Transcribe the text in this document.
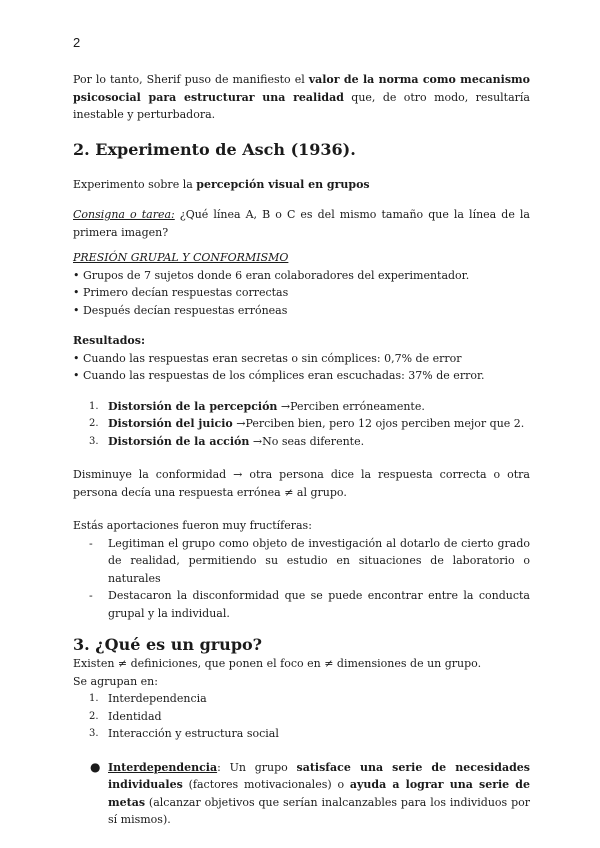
2

Por lo tanto, Sherif puso de manifiesto el valor de la norma como mecanismo psicosocial para estructurar una realidad que, de otro modo, resultaría inestable y perturbadora.

2. Experimento de Asch (1936).

Experimento sobre la percepción visual en grupos

Consigna o tarea: ¿Qué línea A, B o C es del mismo tamaño que la línea de la primera imagen?

PRESIÓN GRUPAL Y CONFORMISMO

• Grupos de 7 sujetos donde 6 eran colaboradores del experimentador.
• Primero decían respuestas correctas
• Después decían respuestas erróneas

Resultados:

• Cuando las respuestas eran secretas o sin cómplices: 0,7% de error
• Cuando las respuestas de los cómplices eran escuchadas: 37% de error.
1. Distorsión de la percepción →Perciben erróneamente.
2. Distorsión del juicio →Perciben bien, pero 12 ojos perciben mejor que 2.
3. Distorsión de la acción →No seas diferente.

Disminuye la conformidad → otra persona dice la respuesta correcta o otra persona decía una respuesta errónea ≠ al grupo.

Estás aportaciones fueron muy fructíferas:

- Legitiman el grupo como objeto de investigación al dotarlo de cierto grado de realidad, permitiendo su estudio en situaciones de laboratorio o naturales
- Destacaron la disconformidad que se puede encontrar entre la conducta grupal y la individual.
3. ¿Qué es un grupo?

Existen ≠ definiciones, que ponen el foco en ≠ dimensiones de un grupo.

Se agrupan en:

1. Interdependencia
2. Identidad
3. Interacción y estructura social
● Interdependencia: Un grupo satisface una serie de necesidades individuales (factores motivacionales) o ayuda a lograr una serie de metas (alcanzar objetivos que serían inalcanzables para los individuos por sí mismos).
